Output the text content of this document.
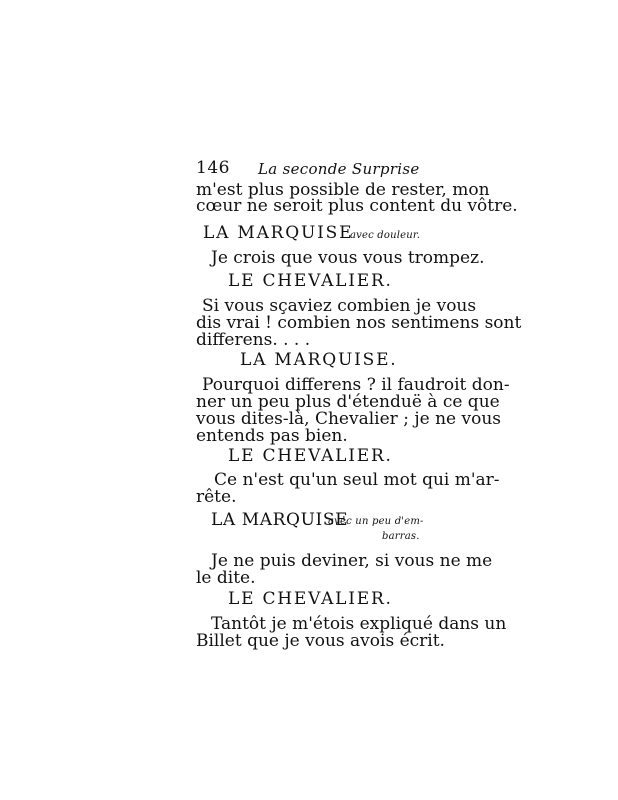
146 La seconde Surprise
m'est plus possible de rester, mon
cœur ne seroit plus content du vôtre.
LA MARQUISE
avec douleur.
Je crois que vous vous trompez.
LE CHEVALIER.
Si vous sçaviez combien je vous
dis vrai ! combien nos sentimens sont
differens. . . .
LA MARQUISE.
Pourquoi differens ? il faudroit don-
ner un peu plus d'étenduë à ce que
vous dites-là, Chevalier ; je ne vous
entends pas bien.
LE CHEVALIER.
Ce n'est qu'un seul mot qui m'ar-
rête.
LA MARQUISE
avec un peu d'em-
barras.
Je ne puis deviner, si vous ne me
le dite.
LE CHEVALIER.
Tantôt je m'étois expliqué dans un
Billet que je vous avois écrit.
